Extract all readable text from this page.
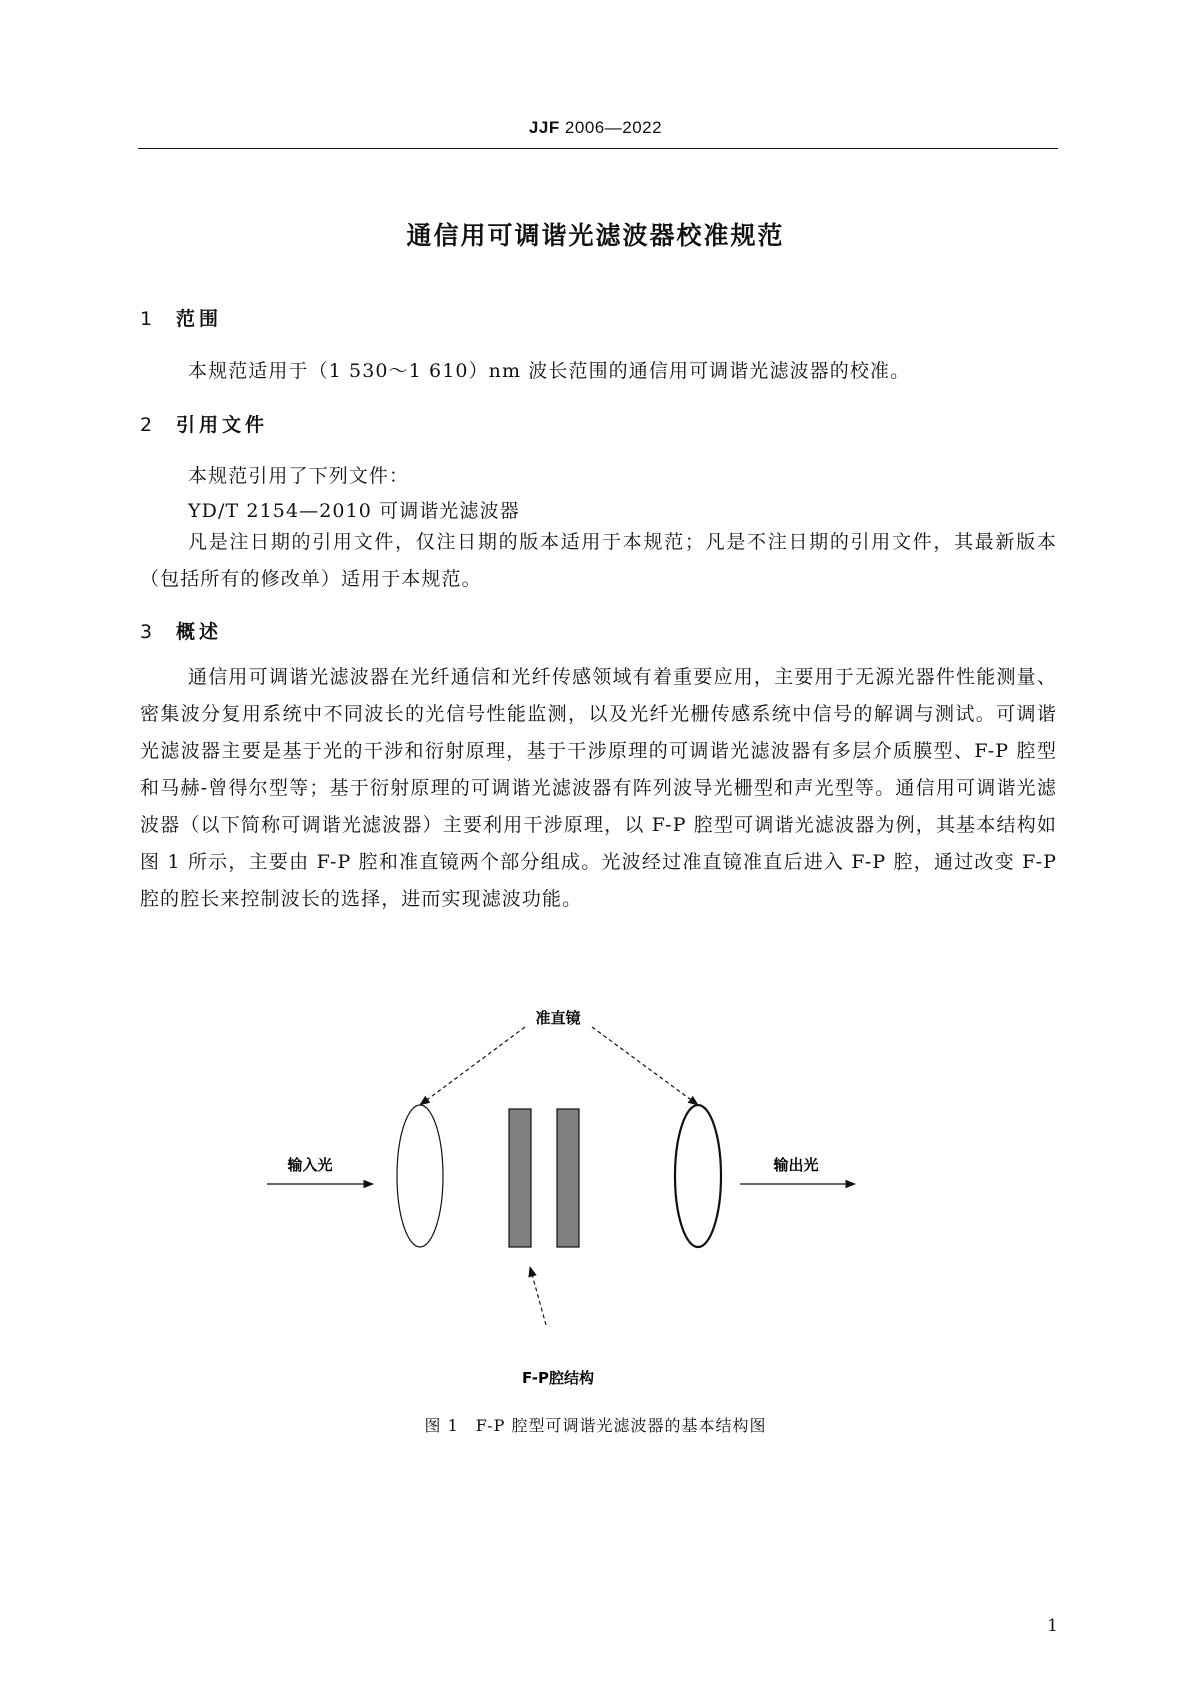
JJF 2006—2022
通信用可调谐光滤波器校准规范
1 范围
本规范适用于（1 530～1 610）nm 波长范围的通信用可调谐光滤波器的校准。
2 引用文件
本规范引用了下列文件：
YD/T 2154—2010 可调谐光滤波器

凡是注日期的引用文件，仅注日期的版本适用于本规范；凡是不注日期的引用文件，其最新版本（包括所有的修改单）适用于本规范。

3 概述

通信用可调谐光滤波器在光纤通信和光纤传感领域有着重要应用，主要用于无源光器件性能测量、密集波分复用系统中不同波长的光信号性能监测，以及光纤光栅传感系统中信号的解调与测试。可调谐光滤波器主要是基于光的干涉和衍射原理，基于干涉原理的可调谐光滤波器有多层介质膜型、F-P 腔型和马赫-曾得尔型等；基于衍射原理的可调谐光滤波器有阵列波导光栅型和声光型等。通信用可调谐光滤波器（以下简称可调谐光滤波器）主要利用干涉原理，以 F-P 腔型可调谐光滤波器为例，其基本结构如图 1 所示，主要由 F-P 腔和准直镜两个部分组成。光波经过准直镜准直后进入 F-P 腔，通过改变 F-P 腔的腔长来控制波长的选择，进而实现滤波功能。

准直镜
输入光	输出光
F-P腔结构
图 1　F-P 腔型可调谐光滤波器的基本结构图
1
